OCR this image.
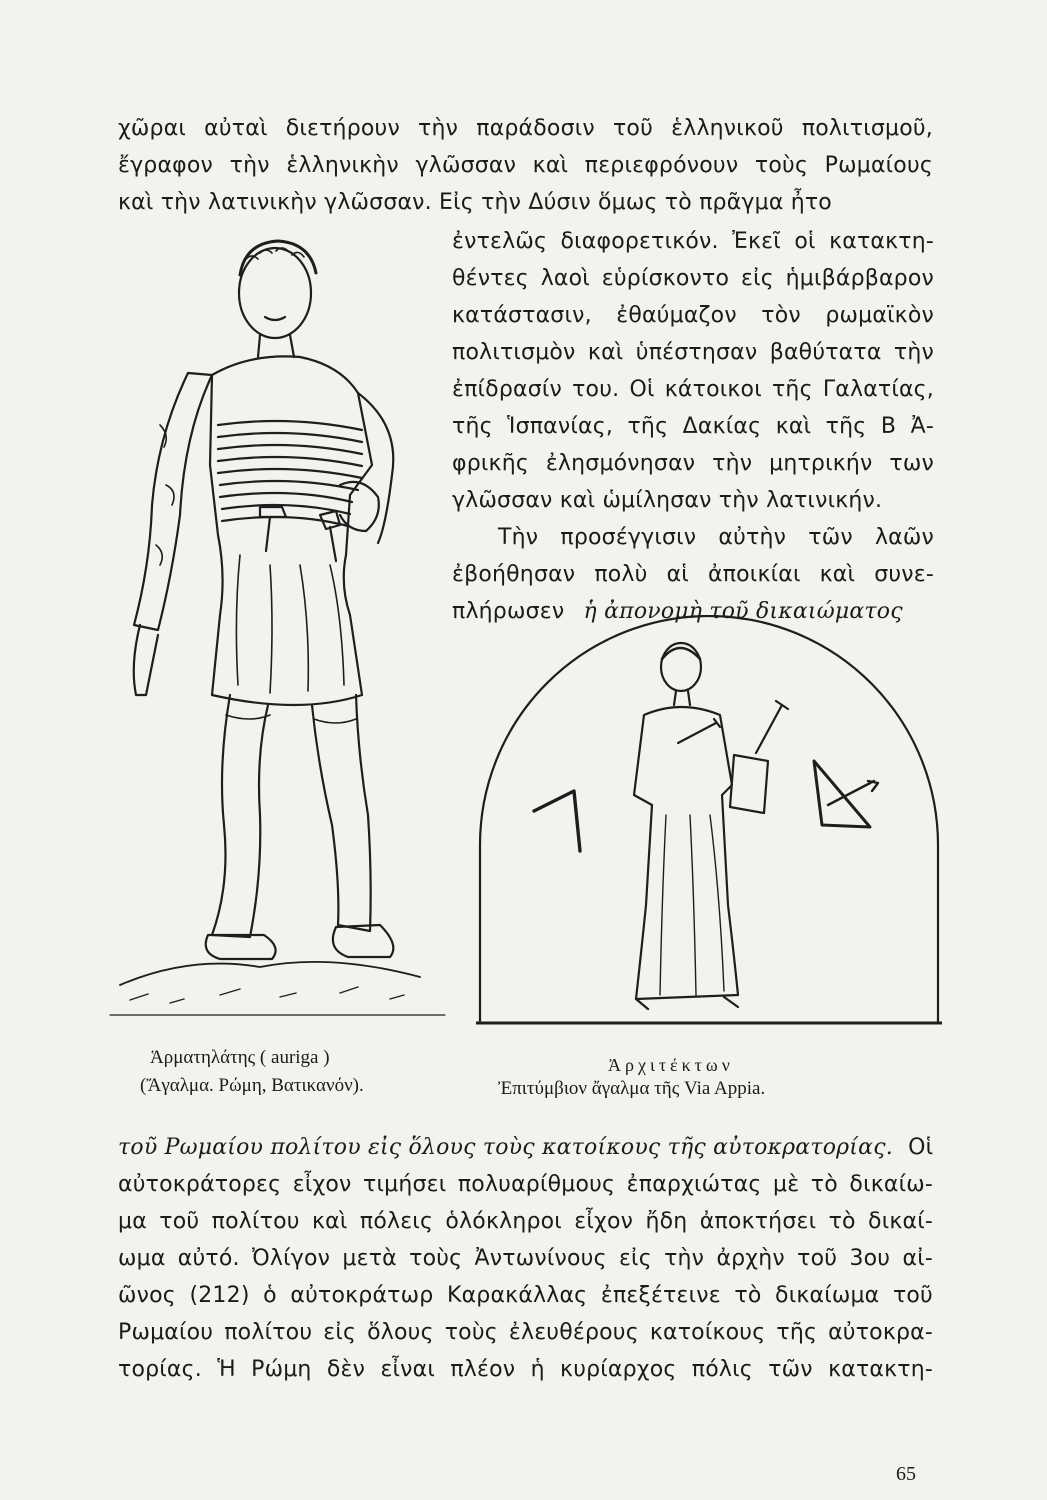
χῶραι αὐταὶ διετήρουν τὴν παράδοσιν τοῦ ἑλληνικοῦ πολιτισμοῦ,
ἔγραφον τὴν ἑλληνικὴν γλῶσσαν καὶ περιεφρόνουν τοὺς Ρωμαίους
καὶ τὴν λατινικὴν γλῶσσαν. Εἰς τὴν Δύσιν ὅμως τὸ πρᾶγμα ἦτο
ἐντελῶς διαφορετικόν. Ἐκεῖ οἱ κατακτη-
θέντες λαοὶ εὑρίσκοντο εἰς ἡμιβάρβαρον
κατάστασιν, ἐθαύμαζον τὸν ρωμαϊκὸν
πολιτισμὸν καὶ ὑπέστησαν βαθύτατα τὴν
ἐπίδρασίν του. Οἱ κάτοικοι τῆς Γαλατίας,
τῆς Ἱσπανίας, τῆς Δακίας καὶ τῆς Β Ἀ-
φρικῆς ἐλησμόνησαν τὴν μητρικήν των
γλῶσσαν καὶ ὡμίλησαν τὴν λατινικήν.
Τὴν προσέγγισιν αὐτὴν τῶν λαῶν
ἐβοήθησαν πολὺ αἱ ἀποικίαι καὶ συνε-
πλήρωσεν ἡ ἀπονομὴ τοῦ δικαιώματος
Ἁρματηλάτης ( auriga )
(Ἄγαλμα. Ρώμη, Βατικανόν).
Ἀρχιτέκτων
Ἐπιτύμβιον ἄγαλμα τῆς Via Appia.
τοῦ Ρωμαίου πολίτου εἰς ὅλους τοὺς κατοίκους τῆς αὐτοκρατορίας. Οἱ
αὐτοκράτορες εἶχον τιμήσει πολυαρίθμους ἐπαρχιώτας μὲ τὸ δικαίω-
μα τοῦ πολίτου καὶ πόλεις ὁλόκληροι εἶχον ἤδη ἀποκτήσει τὸ δικαί-
ωμα αὐτό. Ὀλίγον μετὰ τοὺς Ἀντωνίνους εἰς τὴν ἀρχὴν τοῦ 3ου αἰ-
ῶνος (212) ὁ αὐτοκράτωρ Καρακάλλας ἐπεξέτεινε τὸ δικαίωμα τοῦ
Ρωμαίου πολίτου εἰς ὅλους τοὺς ἐλευθέρους κατοίκους τῆς αὐτοκρα-
τορίας. Ἡ Ρώμη δὲν εἶναι πλέον ἡ κυρίαρχος πόλις τῶν κατακτη-
65
